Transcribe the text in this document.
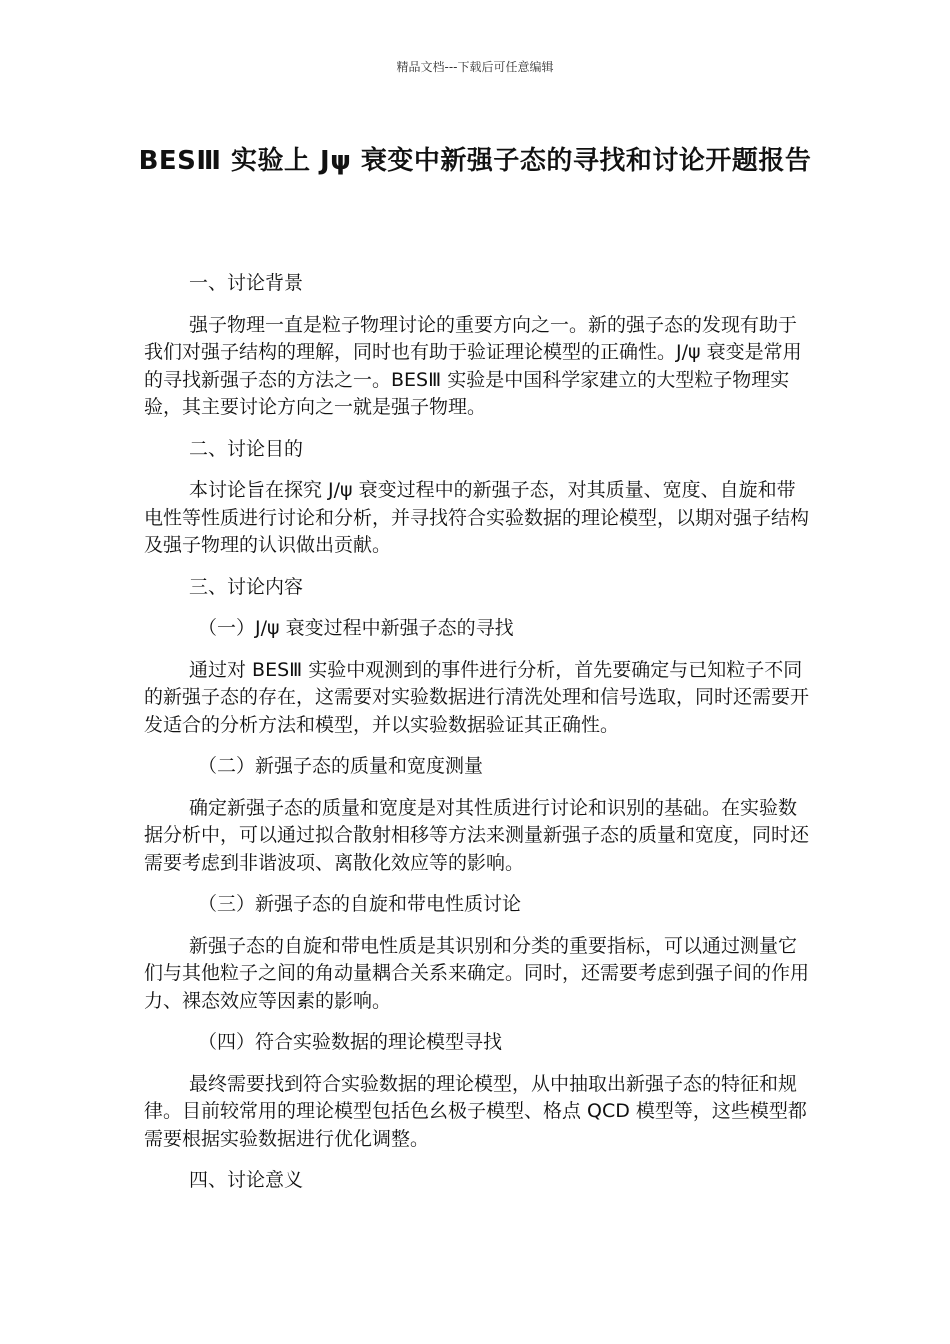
精品文档---下载后可任意编辑
BESⅢ 实验上 Jψ 衰变中新强子态的寻找和讨论开题报告
一、讨论背景

强子物理一直是粒子物理讨论的重要方向之一。新的强子态的发现有助于我们对强子结构的理解，同时也有助于验证理论模型的正确性。J/ψ 衰变是常用的寻找新强子态的方法之一。BESⅢ 实验是中国科学家建立的大型粒子物理实验，其主要讨论方向之一就是强子物理。

二、讨论目的

本讨论旨在探究 J/ψ 衰变过程中的新强子态，对其质量、宽度、自旋和带电性等性质进行讨论和分析，并寻找符合实验数据的理论模型，以期对强子结构及强子物理的认识做出贡献。

三、讨论内容
（一）J/ψ 衰变过程中新强子态的寻找

通过对 BESⅢ 实验中观测到的事件进行分析，首先要确定与已知粒子不同的新强子态的存在，这需要对实验数据进行清洗处理和信号选取，同时还需要开发适合的分析方法和模型，并以实验数据验证其正确性。

（二）新强子态的质量和宽度测量

确定新强子态的质量和宽度是对其性质进行讨论和识别的基础。在实验数据分析中，可以通过拟合散射相移等方法来测量新强子态的质量和宽度，同时还需要考虑到非谐波项、离散化效应等的影响。

（三）新强子态的自旋和带电性质讨论

新强子态的自旋和带电性质是其识别和分类的重要指标，可以通过测量它们与其他粒子之间的角动量耦合关系来确定。同时，还需要考虑到强子间的作用力、裸态效应等因素的影响。

（四）符合实验数据的理论模型寻找

最终需要找到符合实验数据的理论模型，从中抽取出新强子态的特征和规律。目前较常用的理论模型包括色幺极子模型、格点 QCD 模型等，这些模型都需要根据实验数据进行优化调整。

四、讨论意义
